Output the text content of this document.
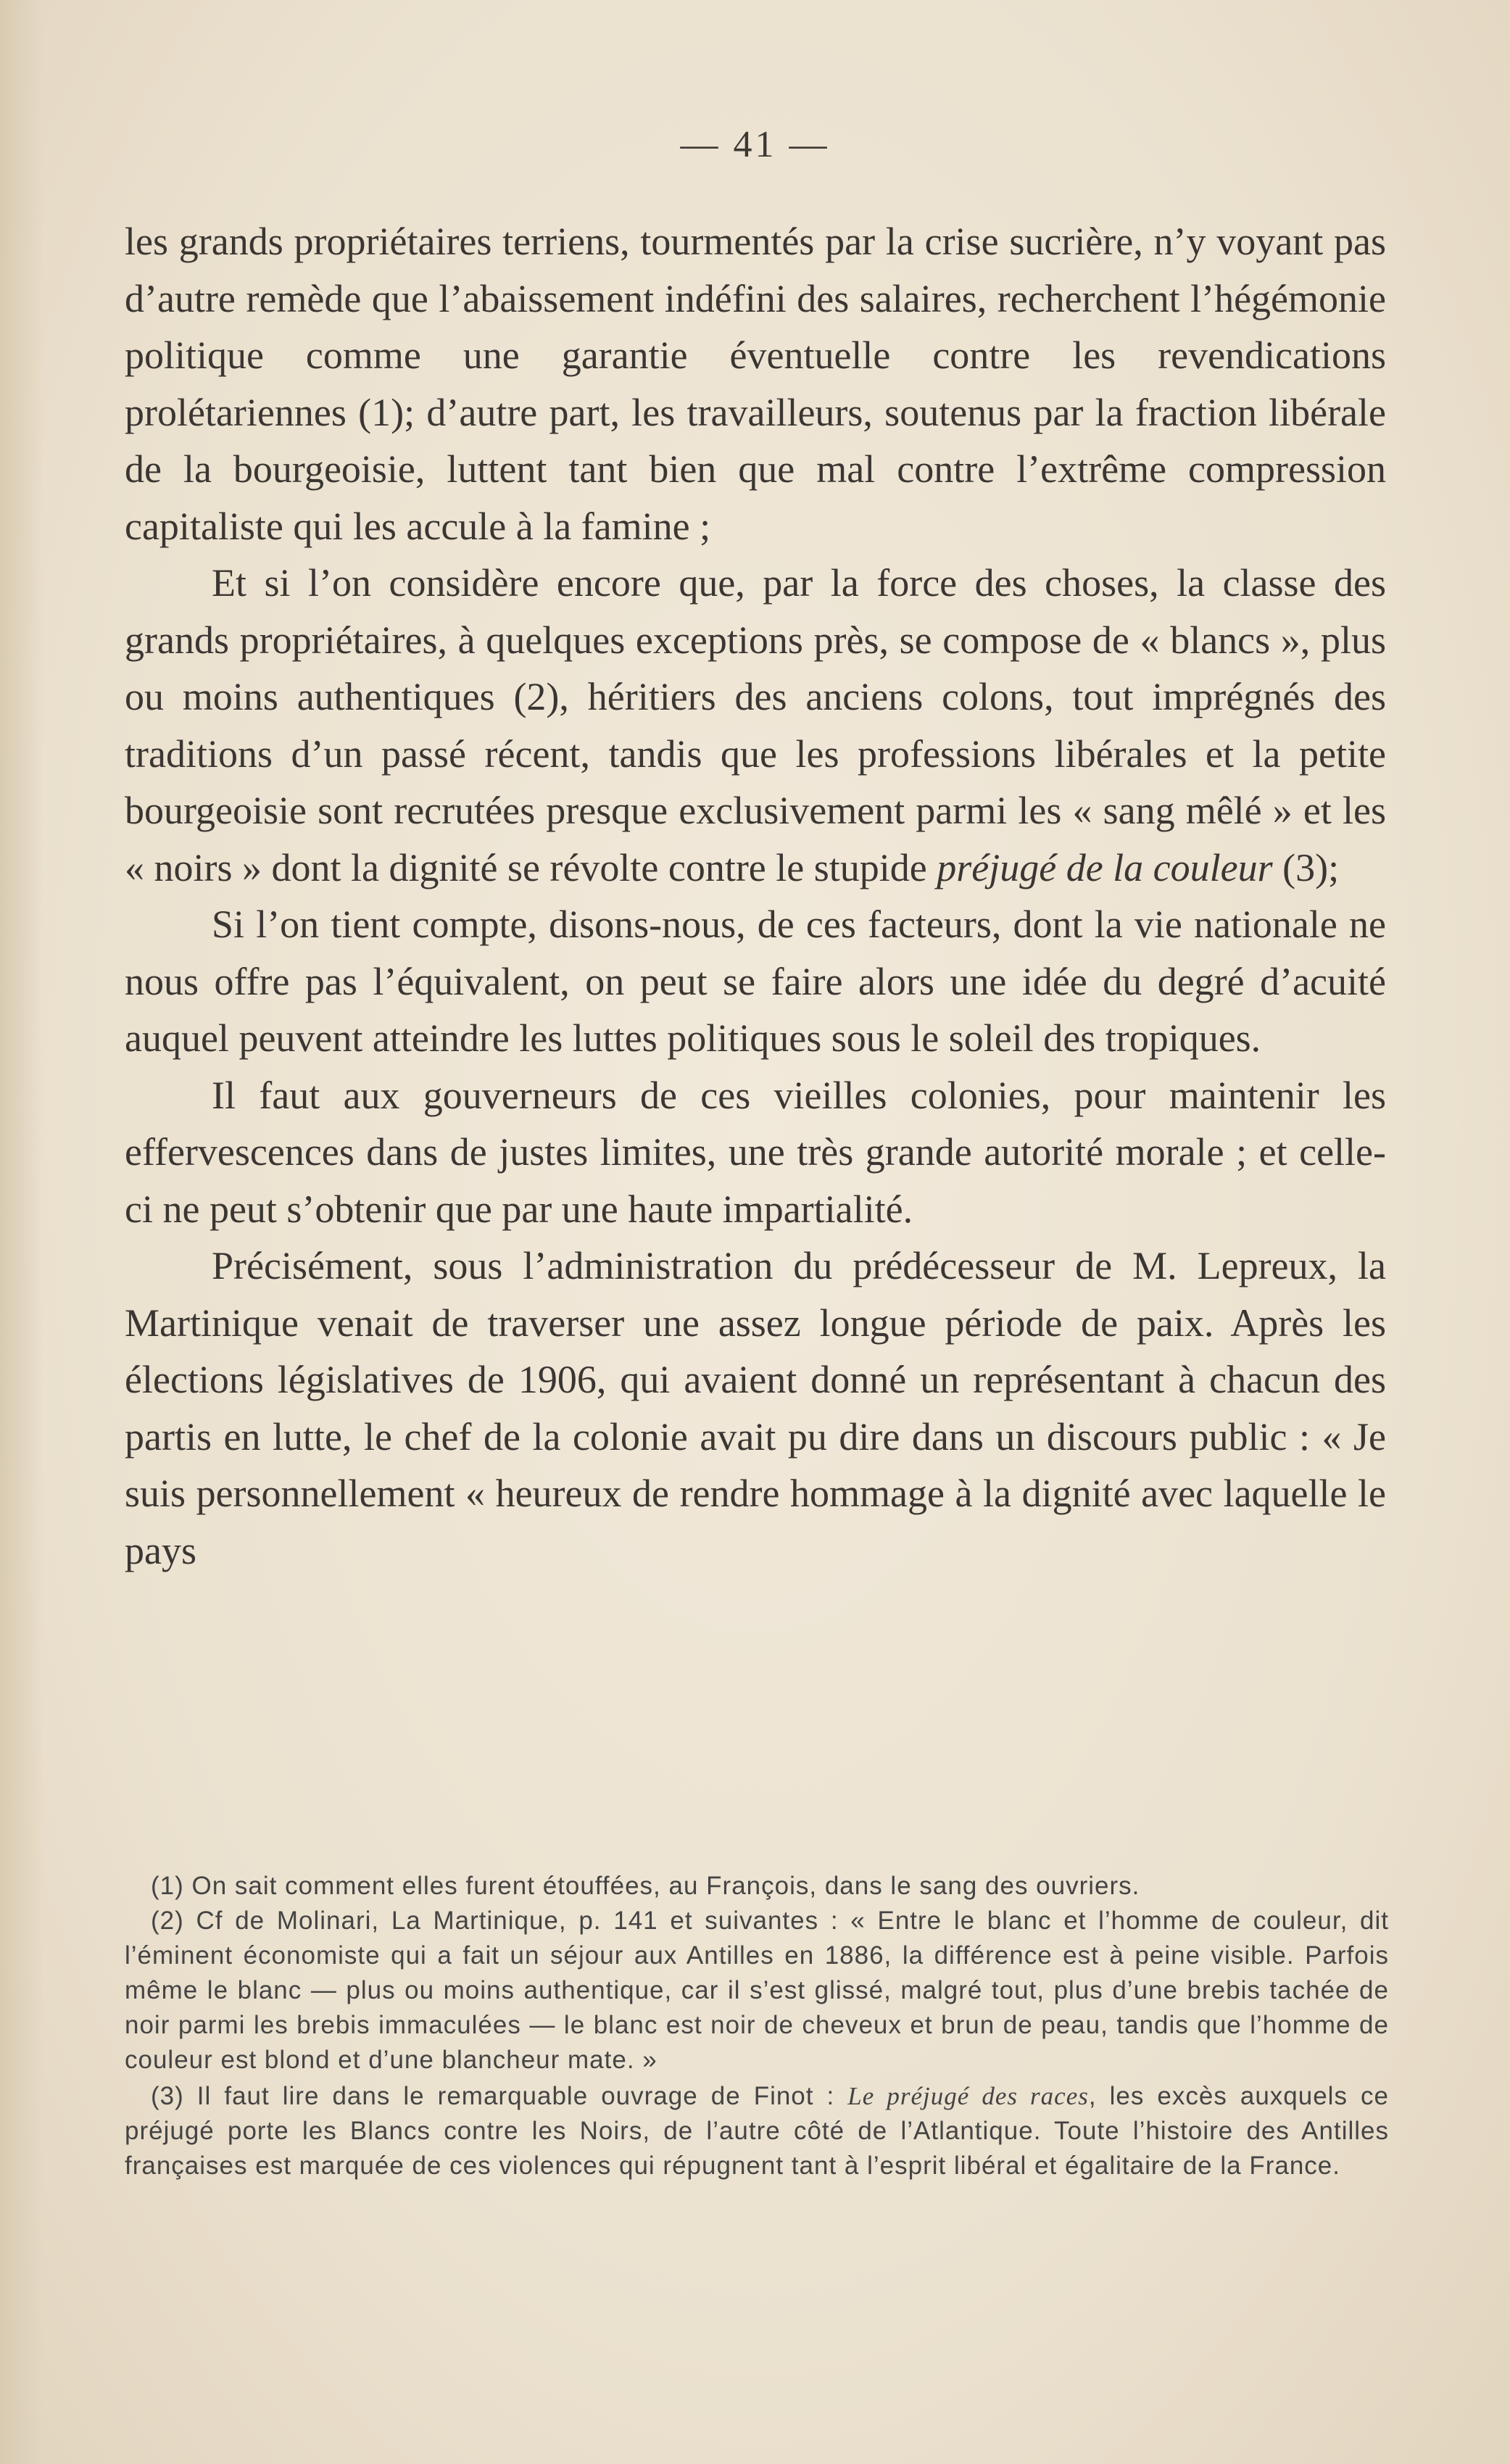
— 41 —

les grands propriétaires terriens, tourmentés par la crise sucrière, n’y voyant pas d’autre remède que l’abaissement indéfini des salaires, recherchent l’hégémonie politique comme une garantie éventuelle contre les revendications prolétariennes (1); d’autre part, les travailleurs, soutenus par la fraction libérale de la bourgeoisie, luttent tant bien que mal contre l’extrême compression capitaliste qui les accule à la famine ;

Et si l’on considère encore que, par la force des choses, la classe des grands propriétaires, à quelques exceptions près, se compose de « blancs », plus ou moins authentiques (2), héritiers des anciens colons, tout imprégnés des traditions d’un passé récent, tandis que les professions libérales et la petite bourgeoisie sont recrutées presque exclusivement parmi les « sang mêlé » et les « noirs » dont la dignité se révolte contre le stupide préjugé de la couleur (3);

Si l’on tient compte, disons-nous, de ces facteurs, dont la vie nationale ne nous offre pas l’équivalent, on peut se faire alors une idée du degré d’acuité auquel peuvent atteindre les luttes politiques sous le soleil des tropiques.

Il faut aux gouverneurs de ces vieilles colonies, pour maintenir les effervescences dans de justes limites, une très grande autorité morale ; et celle-ci ne peut s’obtenir que par une haute impartialité.

Précisément, sous l’administration du prédécesseur de M. Lepreux, la Martinique venait de traverser une assez longue période de paix. Après les élections législatives de 1906, qui avaient donné un représentant à chacun des partis en lutte, le chef de la colonie avait pu dire dans un discours public : « Je suis personnellement « heureux de rendre hommage à la dignité avec laquelle le pays

(1) On sait comment elles furent étouffées, au François, dans le sang des ouvriers.

(2) Cf de Molinari, La Martinique, p. 141 et suivantes : « Entre le blanc et l’homme de couleur, dit l’éminent économiste qui a fait un séjour aux Antilles en 1886, la différence est à peine visible. Parfois même le blanc — plus ou moins authentique, car il s’est glissé, malgré tout, plus d’une brebis tachée de noir parmi les brebis immaculées — le blanc est noir de cheveux et brun de peau, tandis que l’homme de couleur est blond et d’une blancheur mate. »

(3) Il faut lire dans le remarquable ouvrage de Finot : Le préjugé des races, les excès auxquels ce préjugé porte les Blancs contre les Noirs, de l’autre côté de l’Atlantique. Toute l’histoire des Antilles françaises est marquée de ces violences qui répugnent tant à l’esprit libéral et égalitaire de la France.
